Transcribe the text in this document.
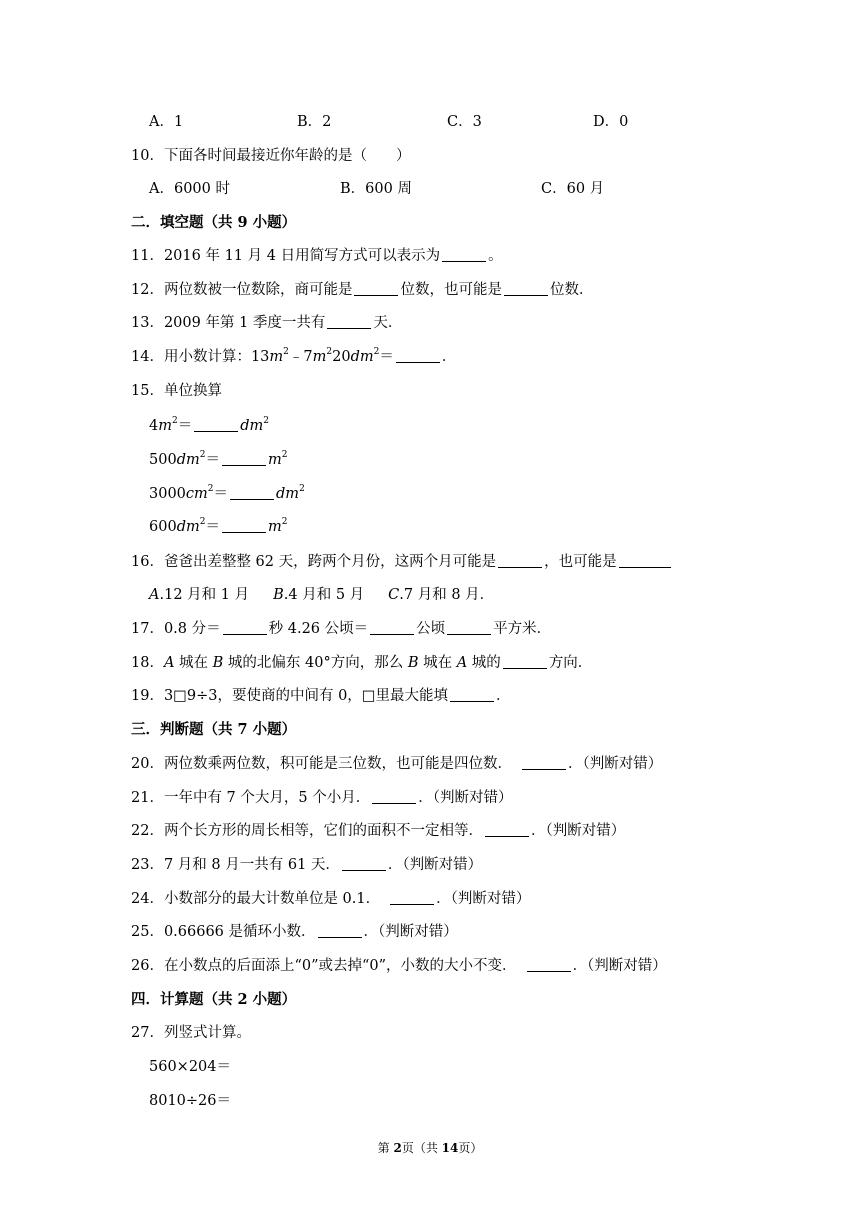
A．1	B．2	C．3	D．0
10．下面各时间最接近你年龄的是（　　）
A．6000 时	B．600 周	C．60 月
二．填空题（共 9 小题）
11．2016 年 11 月 4 日用简写方式可以表示为	。
12．两位数被一位数除，商可能是	位数，也可能是	位数．
13．2009 年第 1 季度一共有	天．
14．用小数计算：$13m^2﹣7m^220dm^2=$	．
15．单位换算
$4m^2=$	$dm^2$
$500dm^2=$	$m^2$
$3000cm^2=$	$dm^2$
$600dm^2=$	$m^2$
16．爸爸出差整整 62 天，跨两个月份，这两个月可能是	，也可能是
A.12 月和 1 月 B.4 月和 5 月 C.7 月和 8 月．
17．0.8 分＝	秒 4.26 公顷＝	公顷	平方米．
18．A 城在 B 城的北偏东 40°方向，那么 B 城在 A 城的	方向．
19．3□9÷3，要使商的中间有 0，□里最大能填	．
三．判断题（共 7 小题）
20．两位数乘两位数，积可能是三位数，也可能是四位数．	．（判断对错）
21．一年中有 7 个大月，5 个小月．	．（判断对错）
22．两个长方形的周长相等，它们的面积不一定相等．	．（判断对错）
23．7 月和 8 月一共有 61 天．	．（判断对错）
24．小数部分的最大计数单位是 0.1．	．（判断对错）
25．0.66666 是循环小数．	．（判断对错）
26．在小数点的后面添上“0”或去掉“0”，小数的大小不变．	．（判断对错）
四．计算题（共 2 小题）
27．列竖式计算。
560×204＝
8010÷26＝
第 2页（共 14页）
